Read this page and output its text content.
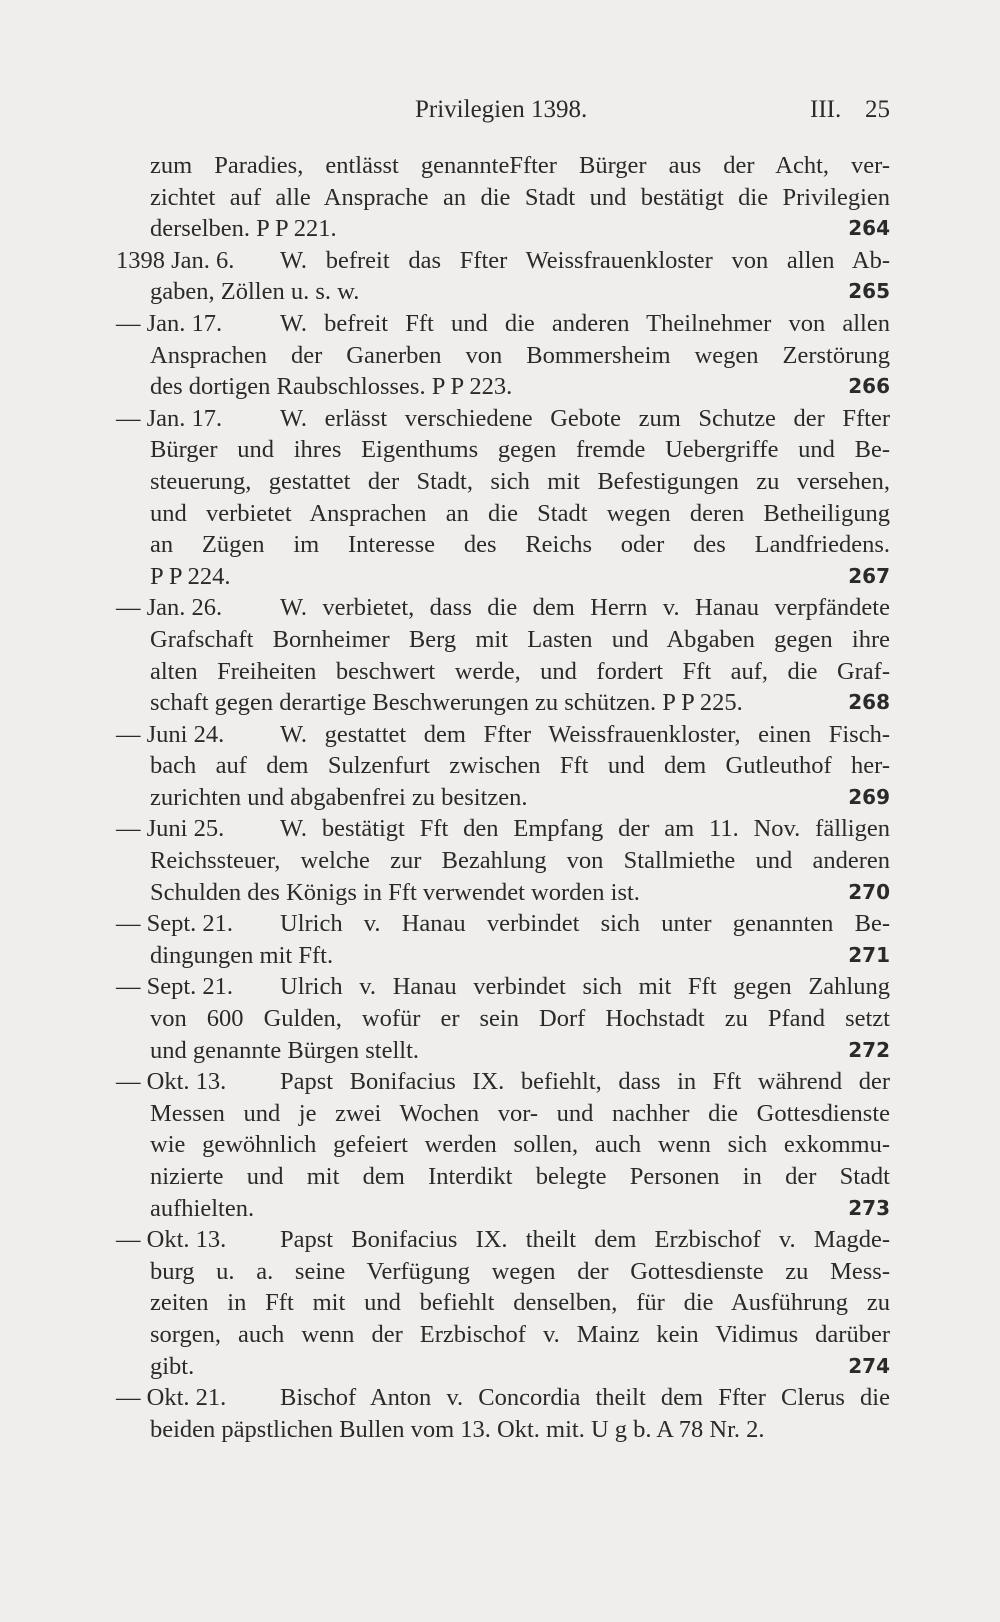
Privilegien 1398.	III. 25
zum Paradies, entlässt genannteFfter Bürger aus der Acht, ver-
zichtet auf alle Ansprache an die Stadt und bestätigt die Privilegien
derselben. P P 221.	264
1398 Jan. 6.	W. befreit das Ffter Weissfrauenkloster von allen Ab-
gaben, Zöllen u. s. w.	265
— Jan. 17.	W. befreit Fft und die anderen Theilnehmer von allen
Ansprachen der Ganerben von Bommersheim wegen Zerstörung
des dortigen Raubschlosses. P P 223.	266
— Jan. 17.	W. erlässt verschiedene Gebote zum Schutze der Ffter
Bürger und ihres Eigenthums gegen fremde Uebergriffe und Be-
steuerung, gestattet der Stadt, sich mit Befestigungen zu versehen,
und verbietet Ansprachen an die Stadt wegen deren Betheiligung
an Zügen im Interesse des Reichs oder des Landfriedens.
P P 224.	267
— Jan. 26.	W. verbietet, dass die dem Herrn v. Hanau verpfändete
Grafschaft Bornheimer Berg mit Lasten und Abgaben gegen ihre
alten Freiheiten beschwert werde, und fordert Fft auf, die Graf-
schaft gegen derartige Beschwerungen zu schützen. P P 225.	268
— Juni 24.	W. gestattet dem Ffter Weissfrauenkloster, einen Fisch-
bach auf dem Sulzenfurt zwischen Fft und dem Gutleuthof her-
zurichten und abgabenfrei zu besitzen.	269
— Juni 25.	W. bestätigt Fft den Empfang der am 11. Nov. fälligen
Reichssteuer, welche zur Bezahlung von Stallmiethe und anderen
Schulden des Königs in Fft verwendet worden ist.	270
— Sept. 21.	Ulrich v. Hanau verbindet sich unter genannten Be-
dingungen mit Fft.	271
— Sept. 21.	Ulrich v. Hanau verbindet sich mit Fft gegen Zahlung
von 600 Gulden, wofür er sein Dorf Hochstadt zu Pfand setzt
und genannte Bürgen stellt.	272
— Okt. 13.	Papst Bonifacius IX. befiehlt, dass in Fft während der
Messen und je zwei Wochen vor- und nachher die Gottesdienste
wie gewöhnlich gefeiert werden sollen, auch wenn sich exkommu-
nizierte und mit dem Interdikt belegte Personen in der Stadt
aufhielten.	273
— Okt. 13.	Papst Bonifacius IX. theilt dem Erzbischof v. Magde-
burg u. a. seine Verfügung wegen der Gottesdienste zu Mess-
zeiten in Fft mit und befiehlt denselben, für die Ausführung zu
sorgen, auch wenn der Erzbischof v. Mainz kein Vidimus darüber
gibt.	274
— Okt. 21.	Bischof Anton v. Concordia theilt dem Ffter Clerus die
beiden päpstlichen Bullen vom 13. Okt. mit. U g b. A 78 Nr. 2.
